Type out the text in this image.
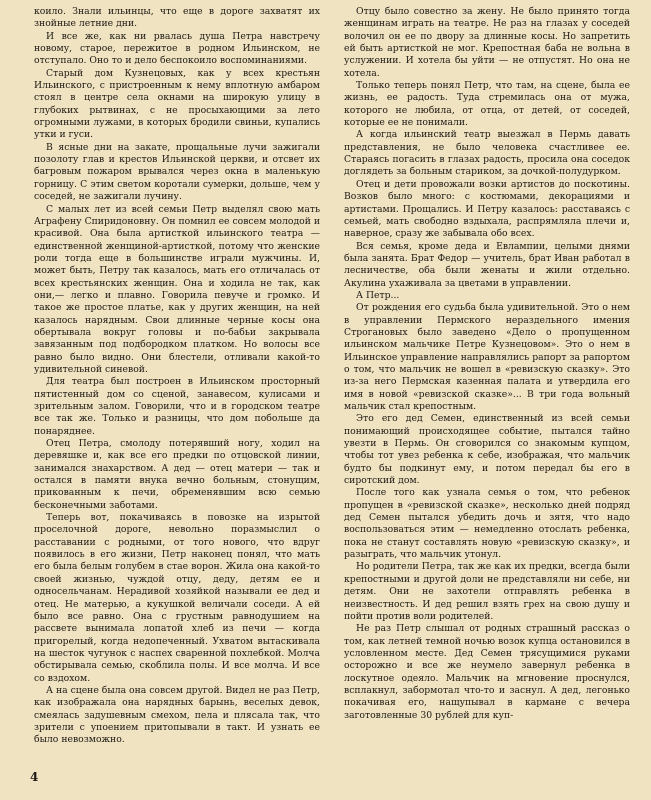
коило. Знали ильинцы, что еще в дороге захватят их знойные летние дни.

И все же, как ни рвалась душа Петра навстречу новому, старое, пережитое в родном Ильинском, не отступало. Оно то и дело беспокоило воспоминаниями.

Старый дом Кузнецовых, как у всех крестьян Ильинского, с пристроенным к нему вплотную амбаром стоял в центре села окнами на широкую улицу в глубоких рытвинах, с не просыхающими за лето огромными лужами, в которых бродили свиньи, купались утки и гуси.

В ясные дни на закате, прощальные лучи зажигали позолоту глав и крестов Ильинской церкви, и отсвет их багровым пожаром врывался через окна в маленькую горницу. С этим светом коротали сумерки, дольше, чем у соседей, не зажигали лучину.

С малых лет из всей семьи Петр выделял свою мать Аграфену Спиридоновну. Он помнил ее совсем молодой и красивой. Она была артисткой ильинского театра — единственной женщиной-артисткой, потому что женские роли тогда еще в большинстве играли мужчины. И, может быть, Петру так казалось, мать его отличалась от всех крестьянских женщин. Она и ходила не так, как они,— легко и плавно. Говорила певуче и громко. И такое же простое платье, как у других женщин, на ней казалось нарядным. Свои длинные черные косы она обертывала вокруг головы и по-бабьи закрывала завязанным под подбородком платком. Но волосы все равно было видно. Они блестели, отливали какой-то удивительной синевой.

Для театра был построен в Ильинском просторный пятистенный дом со сценой, занавесом, кулисами и зрительным залом. Говорили, что и в городском театре все так же. Только и разницы, что дом побольше да понаряднее.

Отец Петра, смолоду потерявший ногу, ходил на деревяшке и, как все его предки по отцовской линии, занимался знахарством. А дед — отец матери — так и остался в памяти внука вечно больным, стонущим, прикованным к печи, обременявшим всю семью бесконечными заботами.

Теперь вот, покачиваясь в повозке на изрытой проселочной дороге, невольно поразмыслил о расставании с родными, от того нового, что вдруг появилось в его жизни, Петр наконец понял, что мать его была белым голубем в стае ворон. Жила она какой-то своей жизнью, чуждой отцу, деду, детям ее и односельчанам. Нерадивой хозяйкой называли ее дед и отец. Не матерью, а кукушкой величали соседи. А ей было все равно. Она с грустным равнодушием на рассвете вынимала лопатой хлеб из печи — когда пригорелый, когда недопеченный. Ухватом вытаскивала на шесток чугунок с наспех сваренной похлебкой. Молча обстирывала семью, скоблила полы. И все молча. И все со вздохом.

А на сцене была она совсем другой. Видел не раз Петр, как изображала она нарядных барынь, веселых девок, смеялась задушевным смехом, пела и плясала так, что зрители с упоением притопывали в такт. И узнать ее было невозможно.

Отцу было совестно за жену. Не было принято тогда женщинам играть на театре. Не раз на глазах у соседей волочил он ее по двору за длинные косы. Но запретить ей быть артисткой не мог. Крепостная баба не вольна в услужении. И хотела бы уйти — не отпустят. Но она не хотела.

Только теперь понял Петр, что там, на сцене, была ее жизнь, ее радость. Туда стремилась она от мужа, которого не любила, от отца, от детей, от соседей, которые ее не понимали.

А когда ильинский театр выезжал в Пермь давать представления, не было человека счастливее ее. Стараясь погасить в глазах радость, просила она соседок доглядеть за больным стариком, за дочкой-полудурком.

Отец и дети провожали возки артистов до поскотины. Возков было много: с костюмами, декорациями и артистами. Прощались. И Петру казалось: расставаясь с семьей, мать свободно вздыхала, распрямляла плечи и, наверное, сразу же забывала обо всех.

Вся семья, кроме деда и Евлампии, целыми днями была занята. Брат Федор — учитель, брат Иван работал в лесничестве, оба были женаты и жили отдельно. Акулина ухаживала за цветами в управлении.

А Петр...

От рождения его судьба была удивительной. Это о нем в управлении Пермского нераздельного имения Строгановых было заведено «Дело о пропущенном ильинском мальчике Петре Кузнецовом». Это о нем в Ильинское управление направлялись рапорт за рапортом о том, что мальчик не вошел в «ревизскую сказку». Это из-за него Пермская казенная палата и утвердила его имя в новой «ревизской сказке»... В три года вольный мальчик стал крепостным.

Это его дед Семен, единственный из всей семьи понимающий происходящее событие, пытался тайно увезти в Пермь. Он сговорился со знакомым купцом, чтобы тот увез ребенка к себе, изображая, что мальчик будто бы подкинут ему, и потом передал бы его в сиротский дом.

После того как узнала семья о том, что ребенок пропущен в «ревизской сказке», несколько дней подряд дед Семен пытался убедить дочь и зятя, что надо воспользоваться этим — немедленно отослать ребенка, пока не станут составлять новую «ревизскую сказку», и разыграть, что мальчик утонул.

Но родители Петра, так же как их предки, всегда были крепостными и другой доли не представляли ни себе, ни детям. Они не захотели отправлять ребенка в неизвестность. И дед решил взять грех на свою душу и пойти против воли родителей.

Не раз Петр слышал от родных страшный рассказ о том, как летней темной ночью возок купца остановился в условленном месте. Дед Семен трясущимися руками осторожно и все же неумело завернул ребенка в лоскутное одеяло. Мальчик на мгновение проснулся, всплакнул, забормотал что-то и заснул. А дед, легонько покачивая его, нащупывал в кармане с вечера заготовленные 30 рублей для куп-

4
